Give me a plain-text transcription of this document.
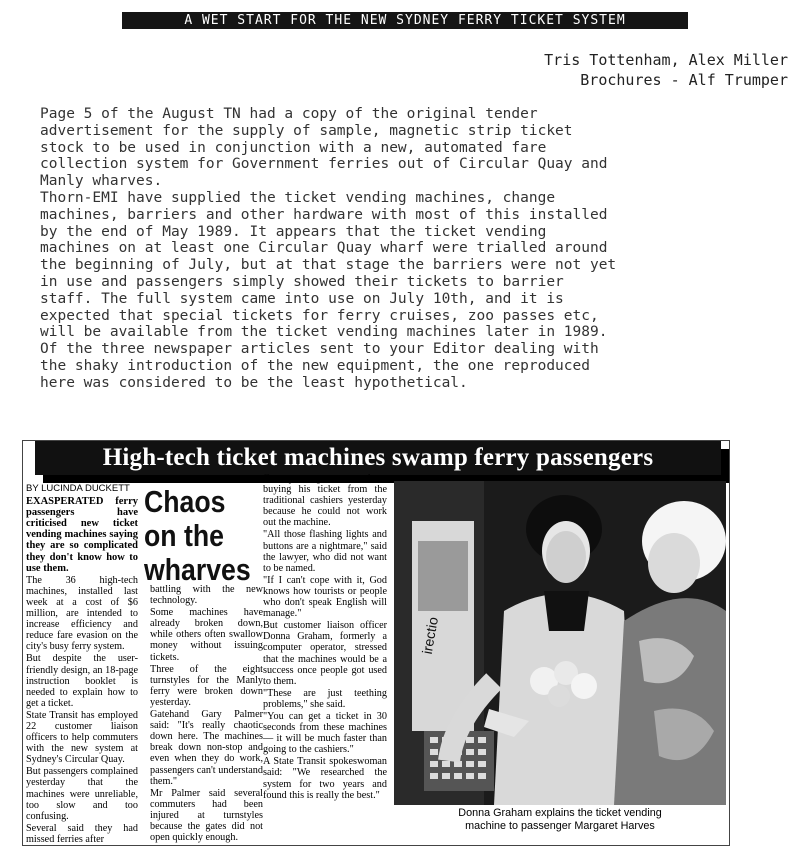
A WET START FOR THE NEW SYDNEY FERRY TICKET SYSTEM
Tris Tottenham, Alex Miller
Brochures - Alf Trumper

Page 5 of the August TN had a copy of the original tender
advertisement for the supply of sample, magnetic strip ticket
stock to be used in conjunction with a new, automated fare
collection system for Government ferries out of Circular Quay and
Manly wharves.

Thorn-EMI have supplied the ticket vending machines, change
machines, barriers and other hardware with most of this installed
by the end of May 1989. It appears that the ticket vending
machines on at least one Circular Quay wharf were trialled around
the beginning of July, but at that stage the barriers were not yet
in use and passengers simply showed their tickets to barrier
staff. The full system came into use on July 10th, and it is
expected that special tickets for ferry cruises, zoo passes etc,
will be available from the ticket vending machines later in 1989.
Of the three newspaper articles sent to your Editor dealing with
the shaky introduction of the new equipment, the one reproduced
here was considered to be the least hypothetical.

High-tech ticket machines swamp ferry passengers
BY LUCINDA DUCKETT

EXASPERATED ferry passengers have criticised new ticket vending machines saying they are so complicated they don't know how to use them.

The 36 high-tech machines, installed last week at a cost of $6 million, are intended to increase efficiency and reduce fare evasion on the city's busy ferry system.

But despite the user-friendly design, an 18-page instruction booklet is needed to explain how to get a ticket.

State Transit has employed 22 customer liaison officers to help commuters with the new system at Sydney's Circular Quay.

But passengers complained yesterday that the machines were unreliable, too slow and too confusing.

Several said they had missed ferries after

Chaos on the wharves

battling with the new technology.

Some machines have already broken down, while others often swallow money without issuing tickets.

Three of the eight turnstyles for the Manly ferry were broken down yesterday.

Gatehand Gary Palmer said: "It's really chaotic down here. The machines break down non-stop and even when they do work, passengers can't understand them."

Mr Palmer said several commuters had been injured at turnstyles because the gates did not open quickly enough.

One passenger resorted to buying his ticket from the traditional cashiers yesterday because he could not work out the machine.

"All those flashing lights and buttons are a nightmare," said the lawyer, who did not want to be named.

"If I can't cope with it, God knows how tourists or people who don't speak English will manage."

But customer liaison officer Donna Graham, formerly a computer operator, stressed that the machines would be a success once people got used to them.

"These are just teething problems," she said.

"You can get a ticket in 30 seconds from these machines — it will be much faster than going to the cashiers."

A State Transit spokeswoman said: "We researched the system for two years and found this is really the best."

irectio
Donna Graham explains the ticket vending
machine to passenger Margaret Harves
